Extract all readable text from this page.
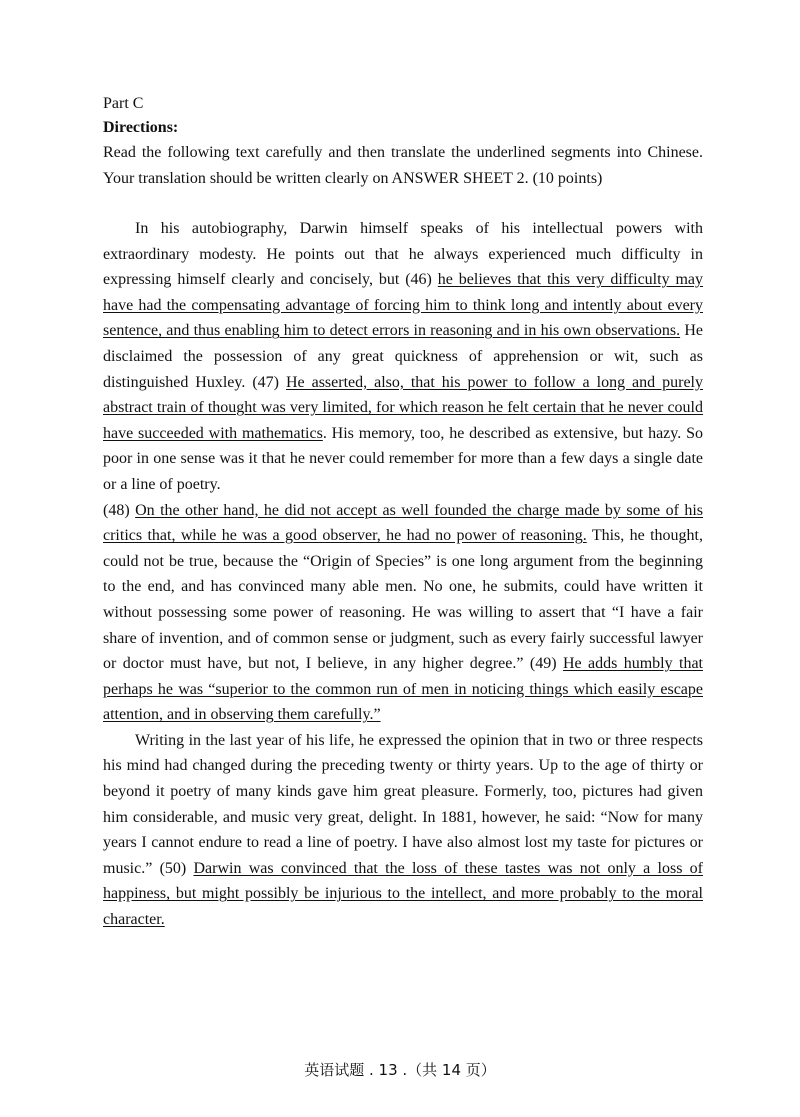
Part C

Directions:

Read the following text carefully and then translate the underlined segments into Chinese. Your translation should be written clearly on ANSWER SHEET 2. (10 points)

In his autobiography, Darwin himself speaks of his intellectual powers with extraordinary modesty. He points out that he always experienced much difficulty in expressing himself clearly and concisely, but (46) he believes that this very difficulty may have had the compensating advantage of forcing him to think long and intently about every sentence, and thus enabling him to detect errors in reasoning and in his own observations. He disclaimed the possession of any great quickness of apprehension or wit, such as distinguished Huxley. (47) He asserted, also, that his power to follow a long and purely abstract train of thought was very limited, for which reason he felt certain that he never could have succeeded with mathematics. His memory, too, he described as extensive, but hazy. So poor in one sense was it that he never could remember for more than a few days a single date or a line of poetry.

(48) On the other hand, he did not accept as well founded the charge made by some of his critics that, while he was a good observer, he had no power of reasoning. This, he thought, could not be true, because the “Origin of Species” is one long argument from the beginning to the end, and has convinced many able men. No one, he submits, could have written it without possessing some power of reasoning. He was willing to assert that “I have a fair share of invention, and of common sense or judgment, such as every fairly successful lawyer or doctor must have, but not, I believe, in any higher degree.” (49) He adds humbly that perhaps he was “superior to the common run of men in noticing things which easily escape attention, and in observing them carefully.”

Writing in the last year of his life, he expressed the opinion that in two or three respects his mind had changed during the preceding twenty or thirty years. Up to the age of thirty or beyond it poetry of many kinds gave him great pleasure. Formerly, too, pictures had given him considerable, and music very great, delight. In 1881, however, he said: “Now for many years I cannot endure to read a line of poetry. I have also almost lost my taste for pictures or music.” (50) Darwin was convinced that the loss of these tastes was not only a loss of happiness, but might possibly be injurious to the intellect, and more probably to the moral character.

英语试题 . 13 .（共 14 页）
